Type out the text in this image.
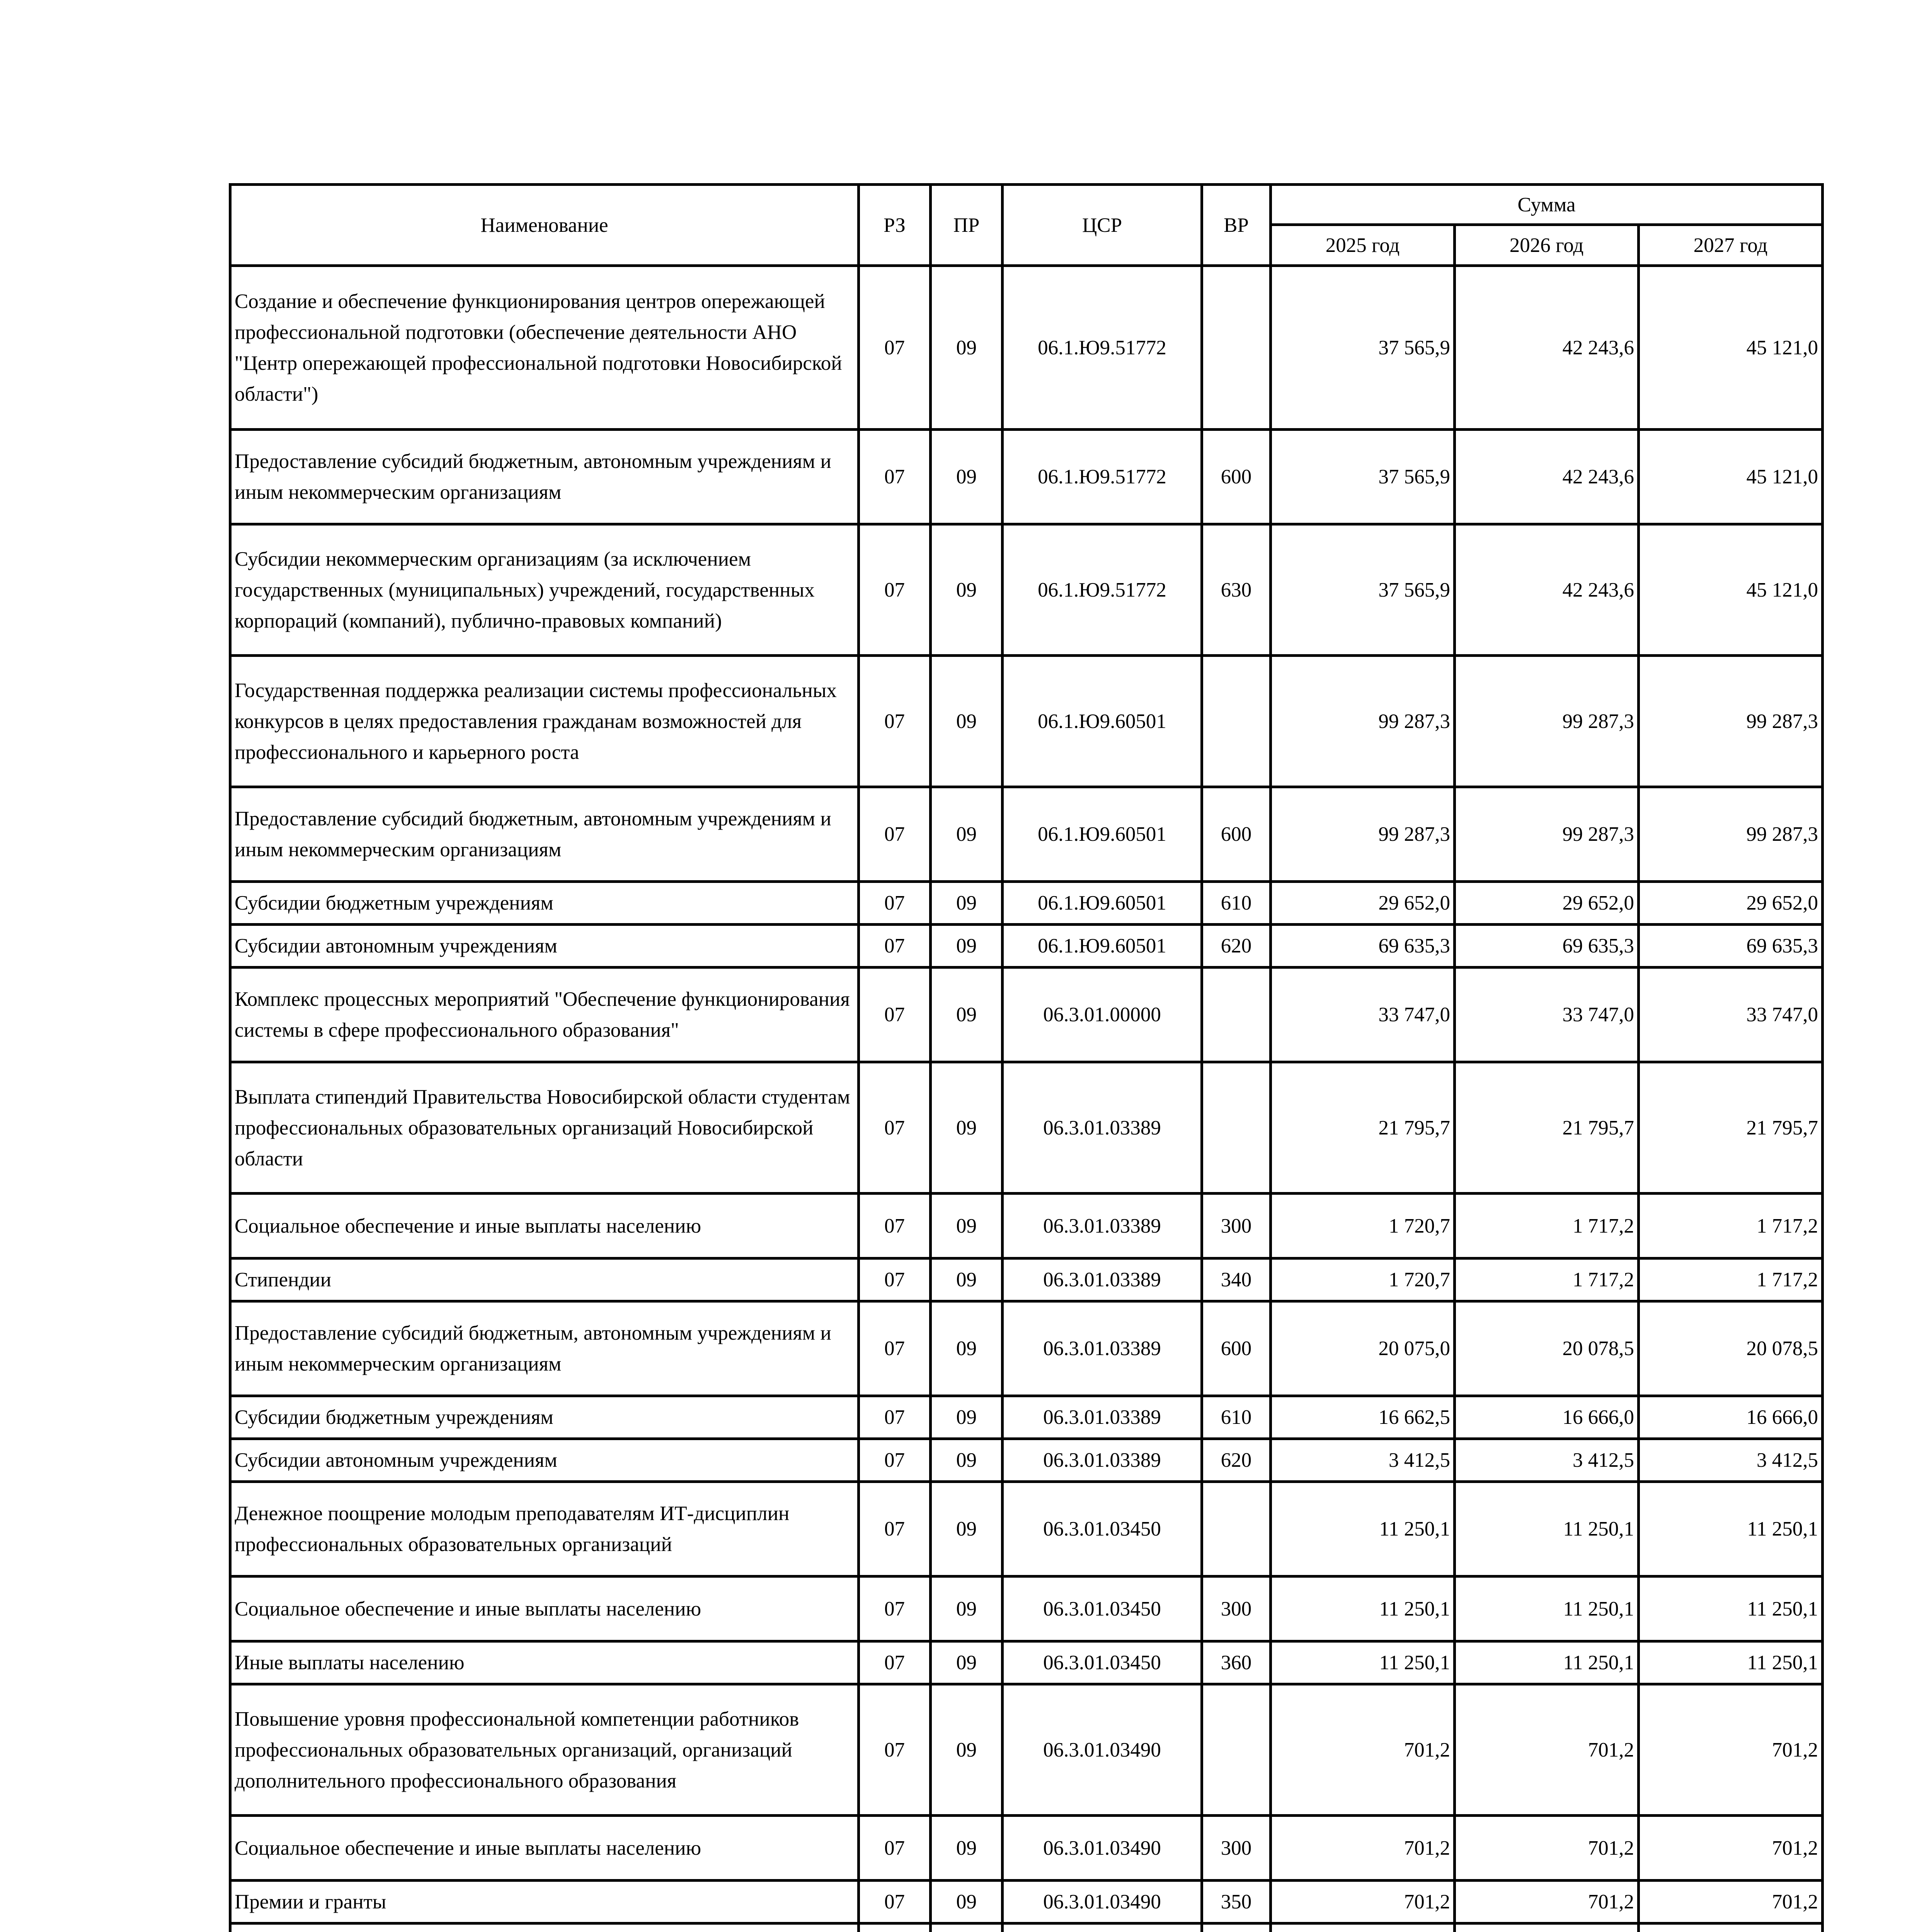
Наименование	РЗ	ПР	ЦСР	ВР	Сумма		
					2025 год	2026 год	2027 год
Создание и обеспечение функционирования центров опережающей профессиональной подготовки (обеспечение деятельности АНО "Центр опережающей профессиональной подготовки Новосибирской области")	07	09	06.1.Ю9.51772		37 565,9	42 243,6	45 121,0
Предоставление субсидий бюджетным, автономным учреждениям и иным некоммерческим организациям	07	09	06.1.Ю9.51772	600	37 565,9	42 243,6	45 121,0
Субсидии некоммерческим организациям (за исключением государственных (муниципальных) учреждений, государственных корпораций (компаний), публично-правовых компаний)	07	09	06.1.Ю9.51772	630	37 565,9	42 243,6	45 121,0
Государственная поддержка реализации системы профессиональных конкурсов в целях предоставления гражданам возможностей для профессионального и карьерного роста	07	09	06.1.Ю9.60501		99 287,3	99 287,3	99 287,3
Предоставление субсидий бюджетным, автономным учреждениям и иным некоммерческим организациям	07	09	06.1.Ю9.60501	600	99 287,3	99 287,3	99 287,3
Субсидии бюджетным учреждениям	07	09	06.1.Ю9.60501	610	29 652,0	29 652,0	29 652,0
Субсидии автономным учреждениям	07	09	06.1.Ю9.60501	620	69 635,3	69 635,3	69 635,3
Комплекс процессных мероприятий "Обеспечение функционирования системы в сфере профессионального образования"	07	09	06.3.01.00000		33 747,0	33 747,0	33 747,0
Выплата стипендий Правительства Новосибирской области студентам профессиональных образовательных организаций Новосибирской области	07	09	06.3.01.03389		21 795,7	21 795,7	21 795,7
Социальное обеспечение и иные выплаты населению	07	09	06.3.01.03389	300	1 720,7	1 717,2	1 717,2
Стипендии	07	09	06.3.01.03389	340	1 720,7	1 717,2	1 717,2
Предоставление субсидий бюджетным, автономным учреждениям и иным некоммерческим организациям	07	09	06.3.01.03389	600	20 075,0	20 078,5	20 078,5
Субсидии бюджетным учреждениям	07	09	06.3.01.03389	610	16 662,5	16 666,0	16 666,0
Субсидии автономным учреждениям	07	09	06.3.01.03389	620	3 412,5	3 412,5	3 412,5
Денежное поощрение молодым преподавателям ИТ-дисциплин профессиональных образовательных организаций	07	09	06.3.01.03450		11 250,1	11 250,1	11 250,1
Социальное обеспечение и иные выплаты населению	07	09	06.3.01.03450	300	11 250,1	11 250,1	11 250,1
Иные выплаты населению	07	09	06.3.01.03450	360	11 250,1	11 250,1	11 250,1
Повышение уровня профессиональной компетенции работников профессиональных образовательных организаций, организаций дополнительного профессионального образования	07	09	06.3.01.03490		701,2	701,2	701,2
Социальное обеспечение и иные выплаты населению	07	09	06.3.01.03490	300	701,2	701,2	701,2
Премии и гранты	07	09	06.3.01.03490	350	701,2	701,2	701,2
